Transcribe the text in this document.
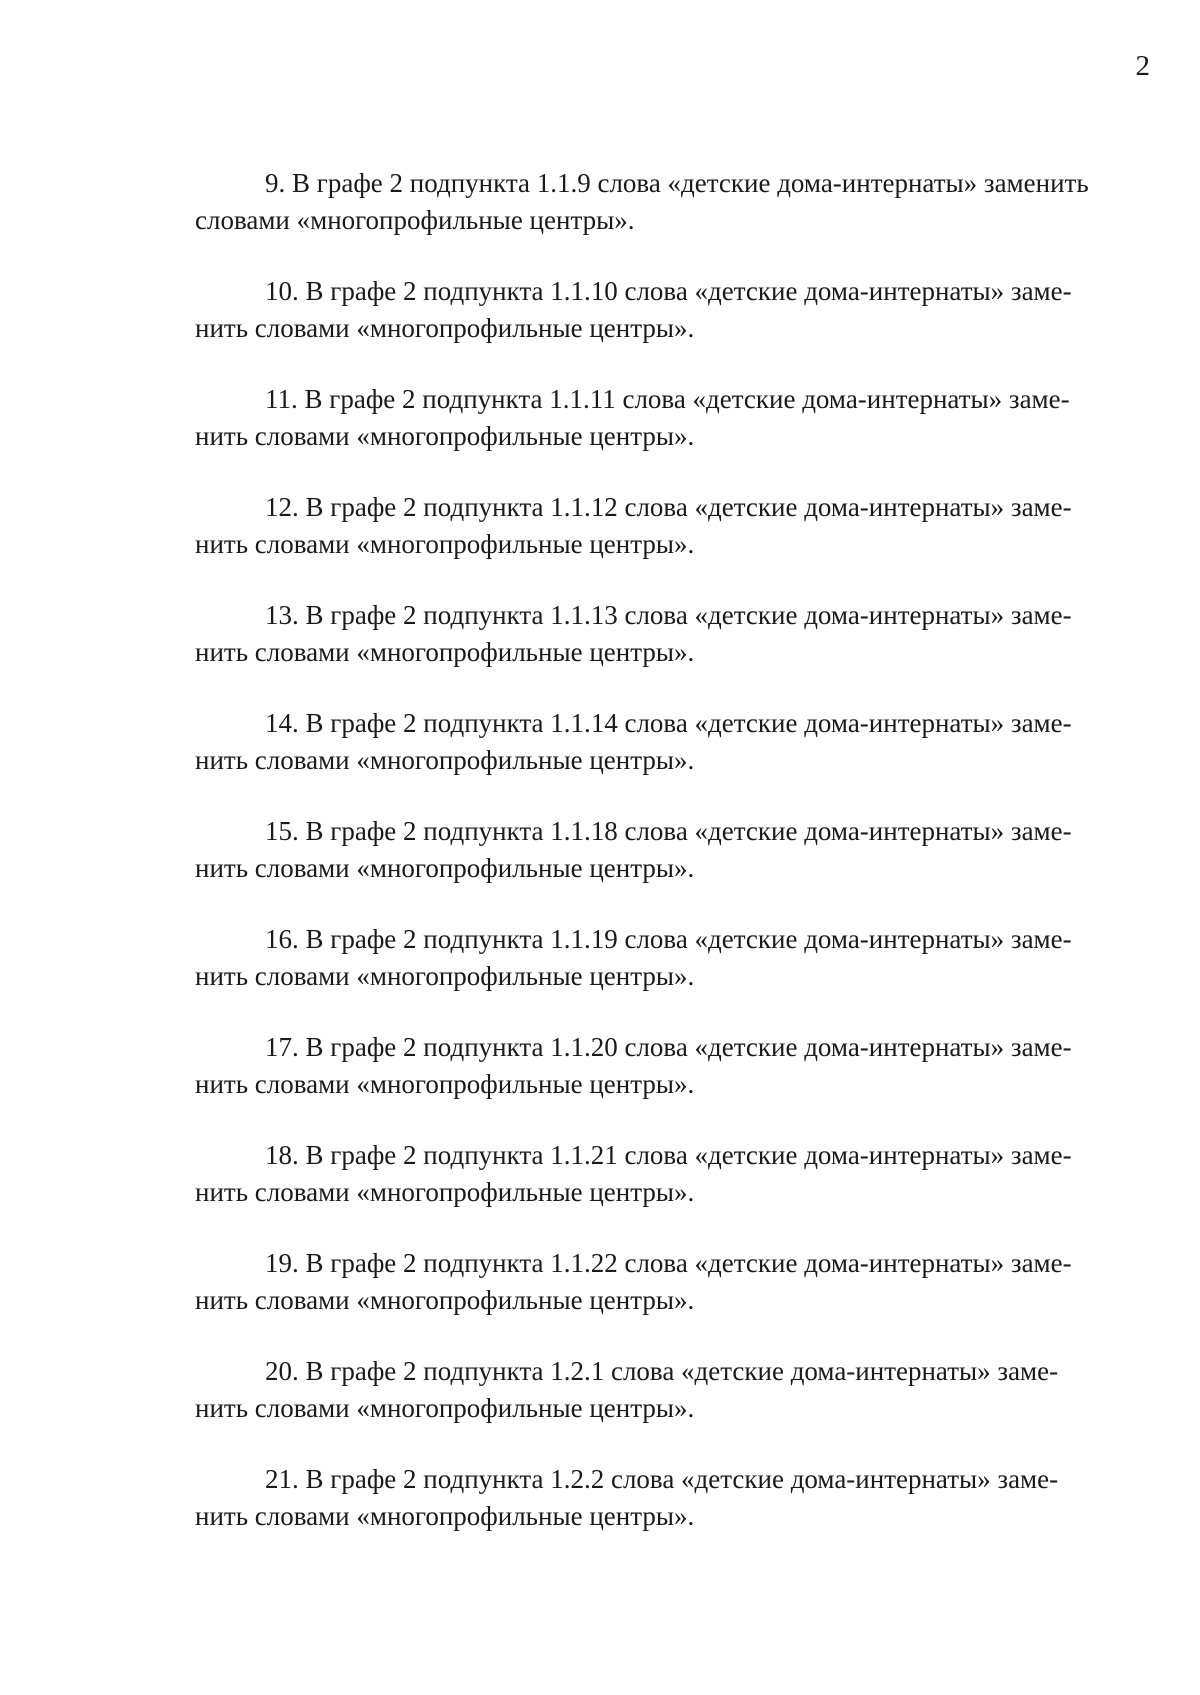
2

9. В графе 2 подпункта 1.1.9 слова «детские дома-интернаты» заменить
словами «многопрофильные центры».

10. В графе 2 подпункта 1.1.10 слова «детские дома-интернаты» заме-
нить словами «многопрофильные центры».

11. В графе 2 подпункта 1.1.11 слова «детские дома-интернаты» заме-
нить словами «многопрофильные центры».

12. В графе 2 подпункта 1.1.12 слова «детские дома-интернаты» заме-
нить словами «многопрофильные центры».

13. В графе 2 подпункта 1.1.13 слова «детские дома-интернаты» заме-
нить словами «многопрофильные центры».

14. В графе 2 подпункта 1.1.14 слова «детские дома-интернаты» заме-
нить словами «многопрофильные центры».

15. В графе 2 подпункта 1.1.18 слова «детские дома-интернаты» заме-
нить словами «многопрофильные центры».

16. В графе 2 подпункта 1.1.19 слова «детские дома-интернаты» заме-
нить словами «многопрофильные центры».

17. В графе 2 подпункта 1.1.20 слова «детские дома-интернаты» заме-
нить словами «многопрофильные центры».

18. В графе 2 подпункта 1.1.21 слова «детские дома-интернаты» заме-
нить словами «многопрофильные центры».

19. В графе 2 подпункта 1.1.22 слова «детские дома-интернаты» заме-
нить словами «многопрофильные центры».

20. В графе 2 подпункта 1.2.1 слова «детские дома-интернаты» заме-
нить словами «многопрофильные центры».

21. В графе 2 подпункта 1.2.2 слова «детские дома-интернаты» заме-
нить словами «многопрофильные центры».
